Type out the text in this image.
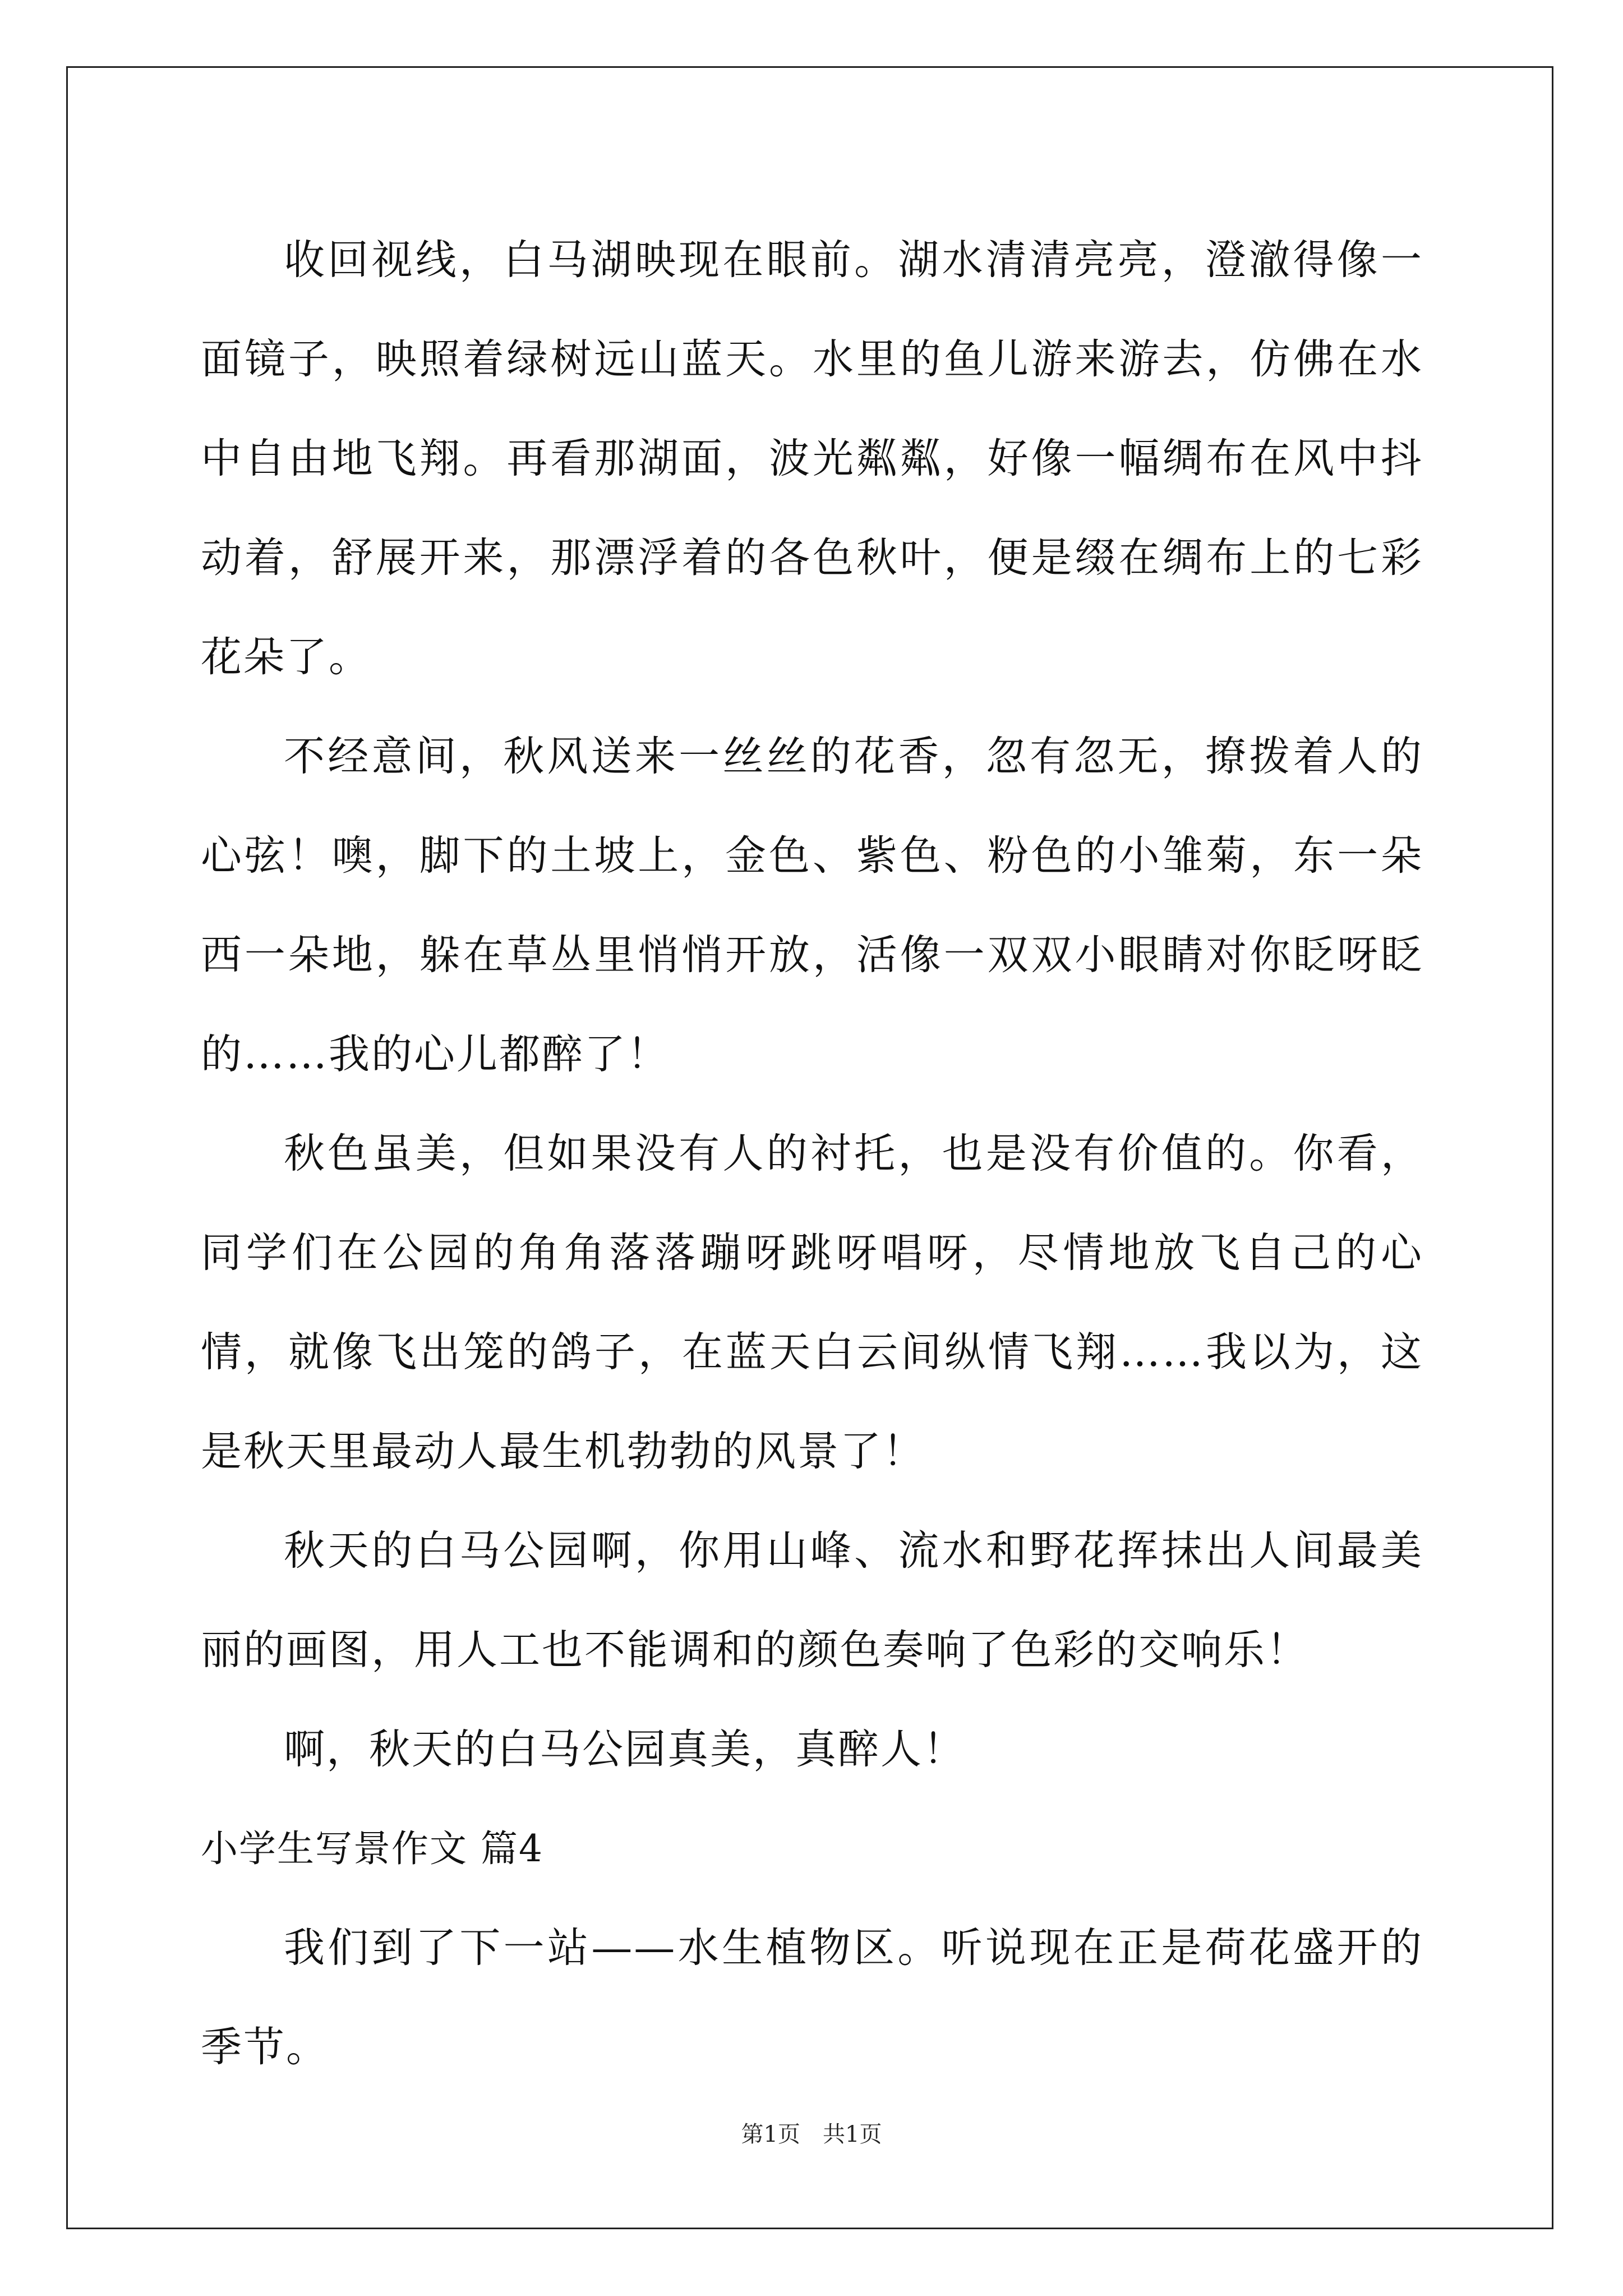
收回视线，白马湖映现在眼前。湖水清清亮亮，澄澈得像一面镜子，映照着绿树远山蓝天。水里的鱼儿游来游去，仿佛在水中自由地飞翔。再看那湖面，波光粼粼，好像一幅绸布在风中抖动着，舒展开来，那漂浮着的各色秋叶，便是缀在绸布上的七彩花朵了。

不经意间，秋风送来一丝丝的花香，忽有忽无，撩拨着人的心弦！噢，脚下的土坡上，金色、紫色、粉色的小雏菊，东一朵西一朵地，躲在草丛里悄悄开放，活像一双双小眼睛对你眨呀眨的……我的心儿都醉了！

秋色虽美，但如果没有人的衬托，也是没有价值的。你看，同学们在公园的角角落落蹦呀跳呀唱呀，尽情地放飞自己的心情，就像飞出笼的鸽子，在蓝天白云间纵情飞翔……我以为，这是秋天里最动人最生机勃勃的风景了！

秋天的白马公园啊，你用山峰、流水和野花挥抹出人间最美丽的画图，用人工也不能调和的颜色奏响了色彩的交响乐！

啊，秋天的白马公园真美，真醉人！

小学生写景作文 篇4

我们到了下一站——水生植物区。听说现在正是荷花盛开的季节。

第1页　共1页
